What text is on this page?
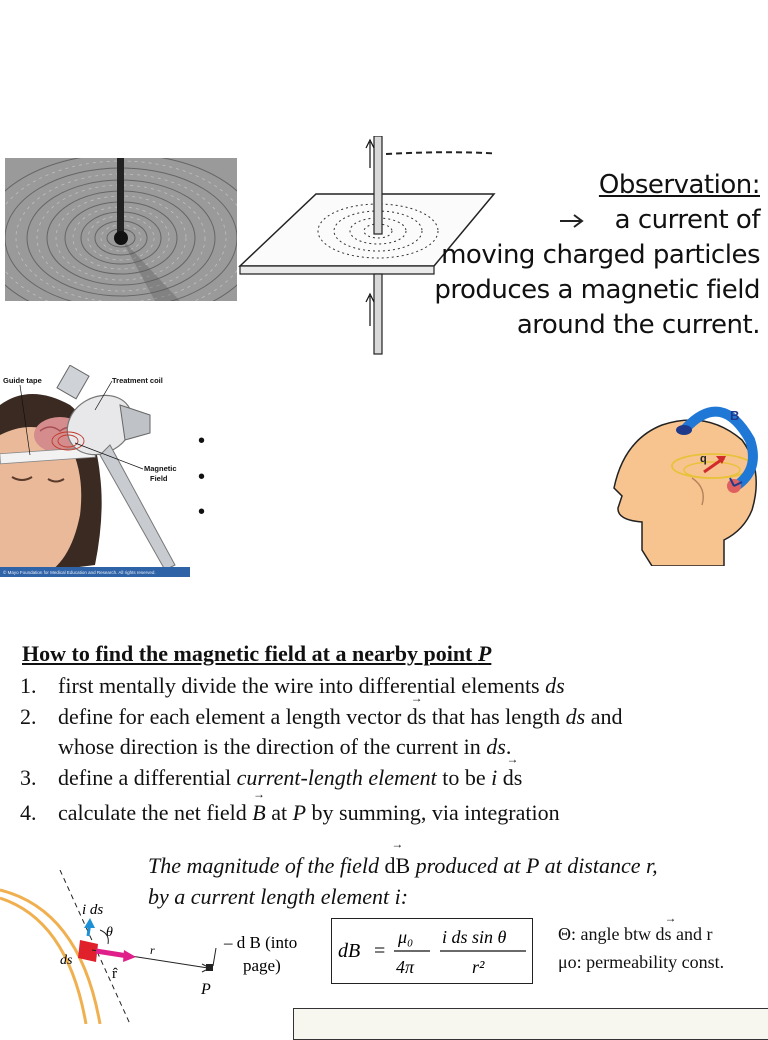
Observation:
a current of
moving charged particles
produces a magnetic field
around the current.
Guide tape	Treatment coil
Magnetic
Field
© Mayo Foundation for Medical Education and Research. All rights reserved.
•
•
•
q
B
How to find the magnetic field at a nearby point P
1. first mentally divide the wire into differential elements ds
2. define for each element a length vector → ds that has length ds and
whose direction is the direction of the current in ds.
3. define a differential current-length element to be i → ds
4. calculate the net field → B at P by summing, via integration
The magnitude of the field → dB produced at P at distance r,
by a current length element i:
i ds
θ
ds
r
r̂
– d B (into
page)
P
dB =
μ₀
4π
i ds sin θ
r²
Θ: angle btw d→ s and r
μo: permeability const.
